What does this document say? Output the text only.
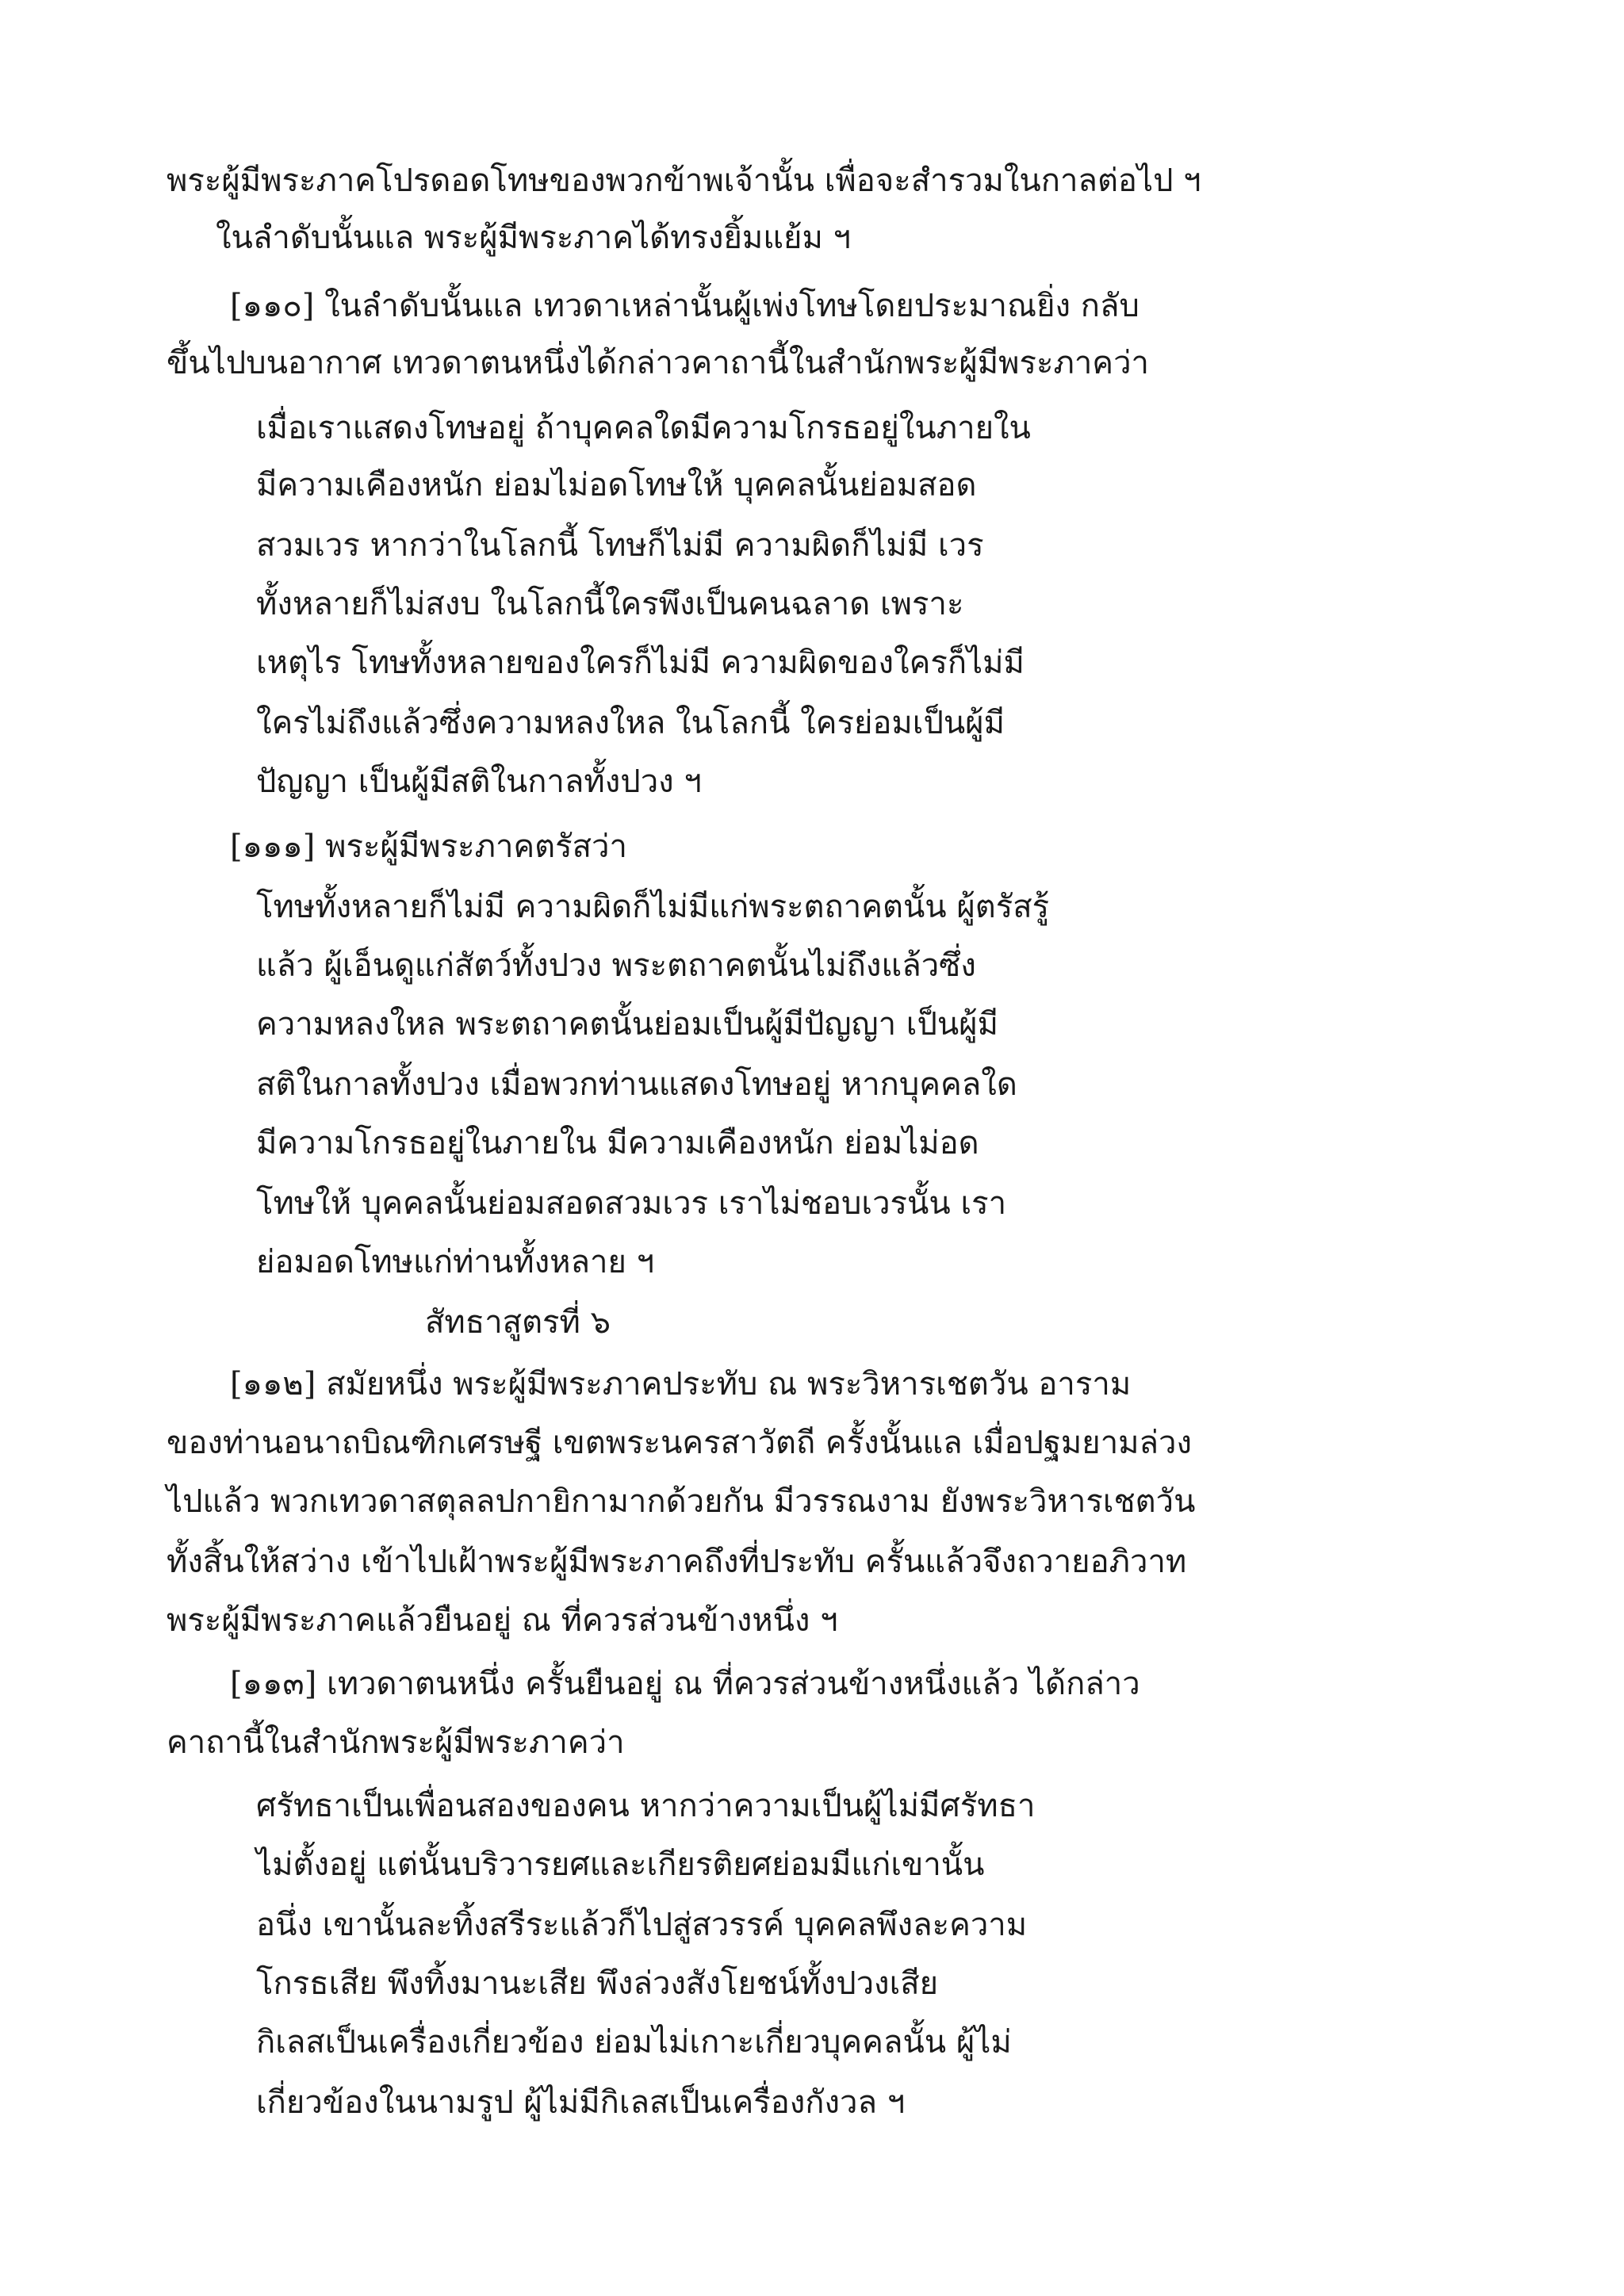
พระผู้มีพระภาคโปรดอดโทษของพวกข้าพเจ้านั้น เพื่อจะสำรวมในกาลต่อไป ฯ
ในลำดับนั้นแล พระผู้มีพระภาคได้ทรงยิ้มแย้ม ฯ
[๑๑๐] ในลำดับนั้นแล เทวดาเหล่านั้นผู้เพ่งโทษโดยประมาณยิ่ง กลับ
ขึ้นไปบนอากาศ เทวดาตนหนึ่งได้กล่าวคาถานี้ในสำนักพระผู้มีพระภาคว่า
เมื่อเราแสดงโทษอยู่ ถ้าบุคคลใดมีความโกรธอยู่ในภายใน
มีความเคืองหนัก ย่อมไม่อดโทษให้ บุคคลนั้นย่อมสอด
สวมเวร หากว่าในโลกนี้ โทษก็ไม่มี ความผิดก็ไม่มี เวร
ทั้งหลายก็ไม่สงบ ในโลกนี้ใครพึงเป็นคนฉลาด เพราะ
เหตุไร โทษทั้งหลายของใครก็ไม่มี ความผิดของใครก็ไม่มี
ใครไม่ถึงแล้วซึ่งความหลงใหล ในโลกนี้ ใครย่อมเป็นผู้มี
ปัญญา เป็นผู้มีสติในกาลทั้งปวง ฯ
[๑๑๑] พระผู้มีพระภาคตรัสว่า
โทษทั้งหลายก็ไม่มี ความผิดก็ไม่มีแก่พระตถาคตนั้น ผู้ตรัสรู้
แล้ว ผู้เอ็นดูแก่สัตว์ทั้งปวง พระตถาคตนั้นไม่ถึงแล้วซึ่ง
ความหลงใหล พระตถาคตนั้นย่อมเป็นผู้มีปัญญา เป็นผู้มี
สติในกาลทั้งปวง เมื่อพวกท่านแสดงโทษอยู่ หากบุคคลใด
มีความโกรธอยู่ในภายใน มีความเคืองหนัก ย่อมไม่อด
โทษให้ บุคคลนั้นย่อมสอดสวมเวร เราไม่ชอบเวรนั้น เรา
ย่อมอดโทษแก่ท่านทั้งหลาย ฯ
สัทธาสูตรที่ ๖
[๑๑๒] สมัยหนึ่ง พระผู้มีพระภาคประทับ ณ พระวิหารเชตวัน อาราม
ของท่านอนาถบิณฑิกเศรษฐี เขตพระนครสาวัตถี ครั้งนั้นแล เมื่อปฐมยามล่วง
ไปแล้ว พวกเทวดาสตุลลปกายิกามากด้วยกัน มีวรรณงาม ยังพระวิหารเชตวัน
ทั้งสิ้นให้สว่าง เข้าไปเฝ้าพระผู้มีพระภาคถึงที่ประทับ ครั้นแล้วจึงถวายอภิวาท
พระผู้มีพระภาคแล้วยืนอยู่ ณ ที่ควรส่วนข้างหนึ่ง ฯ
[๑๑๓] เทวดาตนหนึ่ง ครั้นยืนอยู่ ณ ที่ควรส่วนข้างหนึ่งแล้ว ได้กล่าว
คาถานี้ในสำนักพระผู้มีพระภาคว่า
ศรัทธาเป็นเพื่อนสองของคน หากว่าความเป็นผู้ไม่มีศรัทธา
ไม่ตั้งอยู่ แต่นั้นบริวารยศและเกียรติยศย่อมมีแก่เขานั้น
อนึ่ง เขานั้นละทิ้งสรีระแล้วก็ไปสู่สวรรค์ บุคคลพึงละความ
โกรธเสีย พึงทิ้งมานะเสีย พึงล่วงสังโยชน์ทั้งปวงเสีย
กิเลสเป็นเครื่องเกี่ยวข้อง ย่อมไม่เกาะเกี่ยวบุคคลนั้น ผู้ไม่
เกี่ยวข้องในนามรูป ผู้ไม่มีกิเลสเป็นเครื่องกังวล ฯ
